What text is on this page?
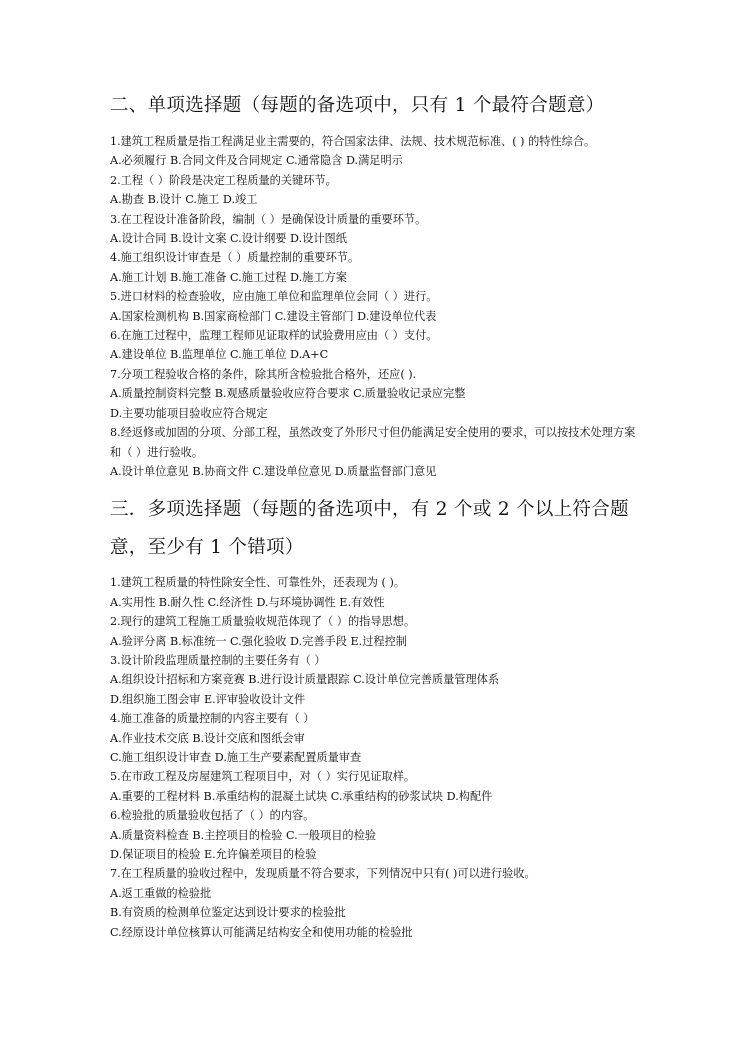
二、单项选择题（每题的备选项中，只有 1 个最符合题意）
1.建筑工程质量是指工程满足业主需要的，符合国家法律、法规、技术规范标准、( ) 的特性综合。
A.必须履行 B.合同文件及合同规定 C.通常隐含 D.满足明示
2.工程（ ）阶段是决定工程质量的关键环节。
A.勘查 B.设计 C.施工 D.竣工
3.在工程设计准备阶段，编制（ ）是确保设计质量的重要环节。
A.设计合同 B.设计文案 C.设计纲要 D.设计图纸
4.施工组织设计审查是（ ）质量控制的重要环节。
A.施工计划 B.施工准备 C.施工过程 D.施工方案
5.进口材料的检查验收，应由施工单位和监理单位会同（ ）进行。
A.国家检测机构 B.国家商检部门 C.建设主管部门 D.建设单位代表
6.在施工过程中，监理工程师见证取样的试验费用应由（ ）支付。
A.建设单位 B.监理单位 C.施工单位 D.A+C
7.分项工程验收合格的条件，除其所含检验批合格外，还应( ).
A.质量控制资料完整 B.观感质量验收应符合要求 C.质量验收记录应完整
D.主要功能项目验收应符合规定
8.经返修或加固的分项、分部工程，虽然改变了外形尺寸但仍能满足安全使用的要求，可以按技术处理方案和（ ）进行验收。
A.设计单位意见 B.协商文件 C.建设单位意见 D.质量监督部门意见
三．多项选择题（每题的备选项中，有 2 个或 2 个以上符合题意，至少有 1 个错项）
1.建筑工程质量的特性除安全性、可靠性外，还表现为 ( )。
A.实用性 B.耐久性 C.经济性 D.与环境协调性 E.有效性
2.现行的建筑工程施工质量验收规范体现了（ ）的指导思想。
A.验评分离 B.标准统一 C.强化验收 D.完善手段 E.过程控制
3.设计阶段监理质量控制的主要任务有（ ）
A.组织设计招标和方案竞赛 B.进行设计质量跟踪 C.设计单位完善质量管理体系
D.组织施工图会审 E.评审验收设计文件
4.施工准备的质量控制的内容主要有（ ）
A.作业技术交底 B.设计交底和图纸会审
C.施工组织设计审查 D.施工生产要素配置质量审查
5.在市政工程及房屋建筑工程项目中，对（ ）实行见证取样。
A.重要的工程材料 B.承重结构的混凝土试块 C.承重结构的砂浆试块 D.构配件
6.检验批的质量验收包括了（ ）的内容。
A.质量资料检查 B.主控项目的检验 C.一般项目的检验
D.保证项目的检验 E.允许偏差项目的检验
7.在工程质量的验收过程中，发现质量不符合要求，下列情况中只有( )可以进行验收。
A.返工重做的检验批
B.有资质的检测单位鉴定达到设计要求的检验批
C.经原设计单位核算认可能满足结构安全和使用功能的检验批
